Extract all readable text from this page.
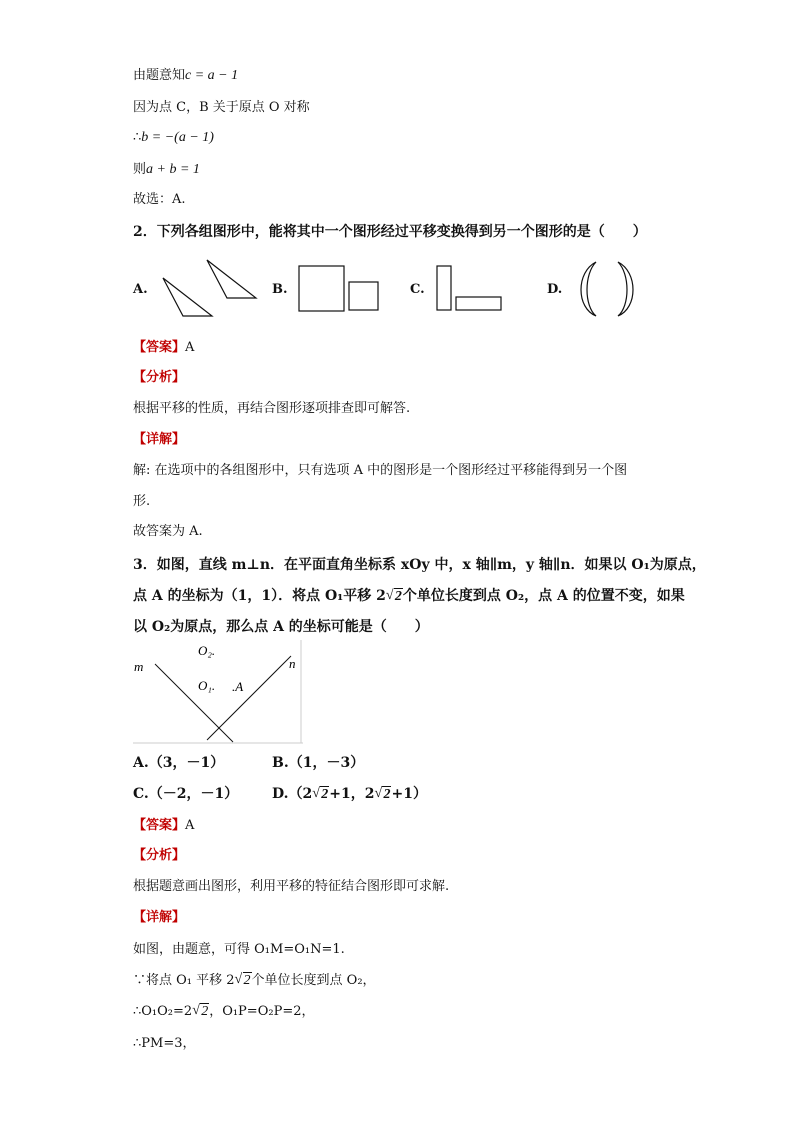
由题意知c = a − 1
因为点 C，B 关于原点 O 对称
∴b = −(a − 1)
则a + b = 1
故选：A.
2．下列各组图形中，能将其中一个图形经过平移变换得到另一个图形的是（　　）
A.	B.	C.	D.
【答案】A
【分析】
根据平移的性质，再结合图形逐项排查即可解答.
【详解】
解: 在选项中的各组图形中，只有选项 A 中的图形是一个图形经过平移能得到另一个图
形.
故答案为 A.
3．如图，直线 m⊥n．在平面直角坐标系 xOy 中，x 轴∥m，y 轴∥n．如果以 O₁为原点，
点 A 的坐标为（1，1）．将点 O₁平移 2 √ 2个单位长度到点 O₂，点 A 的位置不变，如果
以 O₂为原点，那么点 A 的坐标可能是（　　）
m	n
O₂.
O₁. .A
A.（3，－1）	B.（1，－3）
C.（－2，－1） D.（2 √ 2+1，2 √ 2+1）
【答案】A
【分析】
根据题意画出图形，利用平移的特征结合图形即可求解.
【详解】
如图，由题意，可得 O₁M=O₁N=1.
∵将点 O₁ 平移 2 √ 2个单位长度到点 O₂，
∴O₁O₂=2 √ 2，O₁P=O₂P=2，
∴PM=3，
